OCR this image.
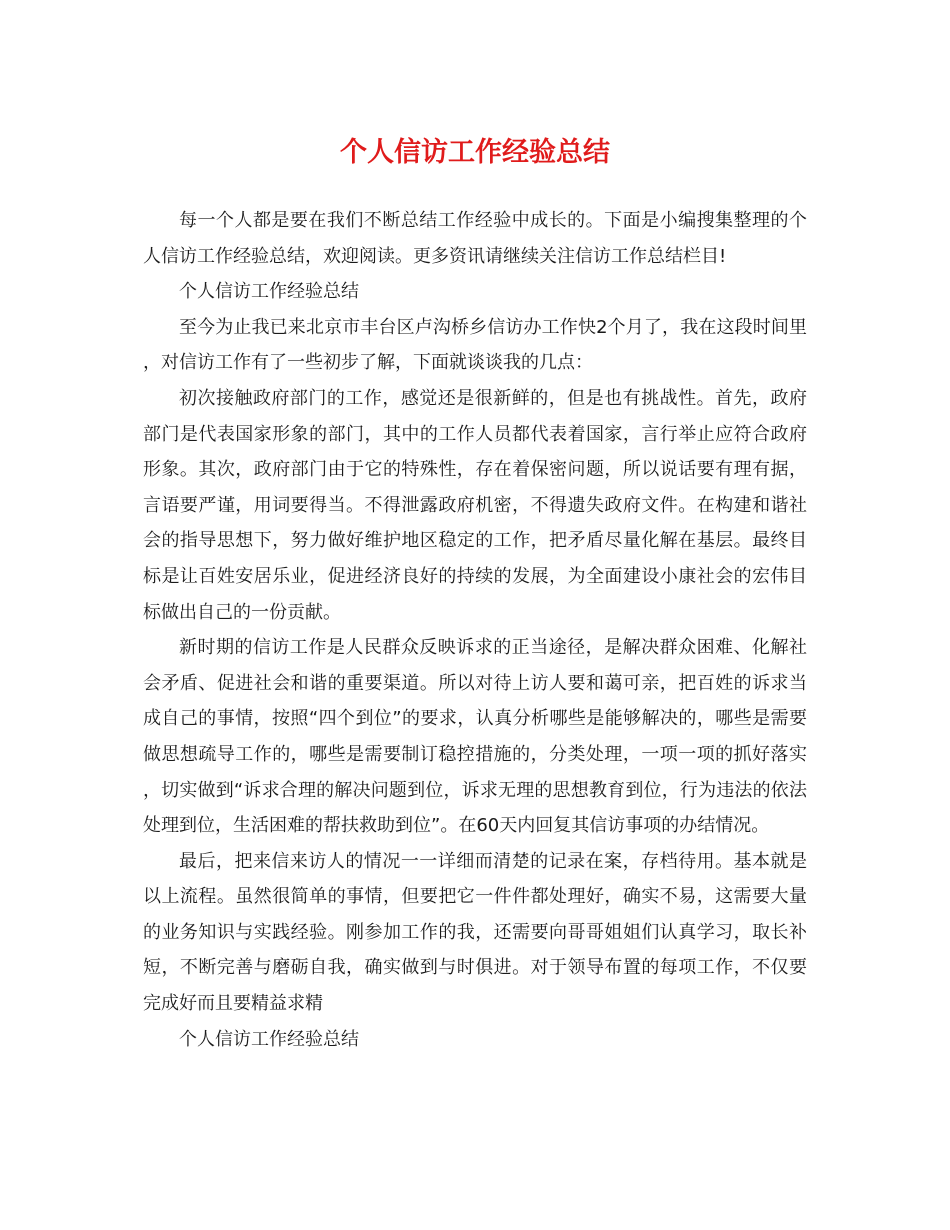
个人信访工作经验总结

每一个人都是要在我们不断总结工作经验中成长的。下面是小编搜集整理的个人信访工作经验总结，欢迎阅读。更多资讯请继续关注信访工作总结栏目!

个人信访工作经验总结

至今为止我已来北京市丰台区卢沟桥乡信访办工作快2个月了，我在这段时间里，对信访工作有了一些初步了解，下面就谈谈我的几点：

初次接触政府部门的工作，感觉还是很新鲜的，但是也有挑战性。首先，政府部门是代表国家形象的部门，其中的工作人员都代表着国家，言行举止应符合政府形象。其次，政府部门由于它的特殊性，存在着保密问题，所以说话要有理有据，言语要严谨，用词要得当。不得泄露政府机密，不得遗失政府文件。在构建和谐社会的指导思想下，努力做好维护地区稳定的工作，把矛盾尽量化解在基层。最终目标是让百姓安居乐业，促进经济良好的持续的发展，为全面建设小康社会的宏伟目标做出自己的一份贡献。

新时期的信访工作是人民群众反映诉求的正当途径，是解决群众困难、化解社会矛盾、促进社会和谐的重要渠道。所以对待上访人要和蔼可亲，把百姓的诉求当成自己的事情，按照“四个到位”的要求，认真分析哪些是能够解决的，哪些是需要做思想疏导工作的，哪些是需要制订稳控措施的，分类处理，一项一项的抓好落实，切实做到“诉求合理的解决问题到位，诉求无理的思想教育到位，行为违法的依法处理到位，生活困难的帮扶救助到位”。在60天内回复其信访事项的办结情况。

最后，把来信来访人的情况一一详细而清楚的记录在案，存档待用。基本就是以上流程。虽然很简单的事情，但要把它一件件都处理好，确实不易，这需要大量的业务知识与实践经验。刚参加工作的我，还需要向哥哥姐姐们认真学习，取长补短，不断完善与磨砺自我，确实做到与时俱进。对于领导布置的每项工作，不仅要完成好而且要精益求精

个人信访工作经验总结
